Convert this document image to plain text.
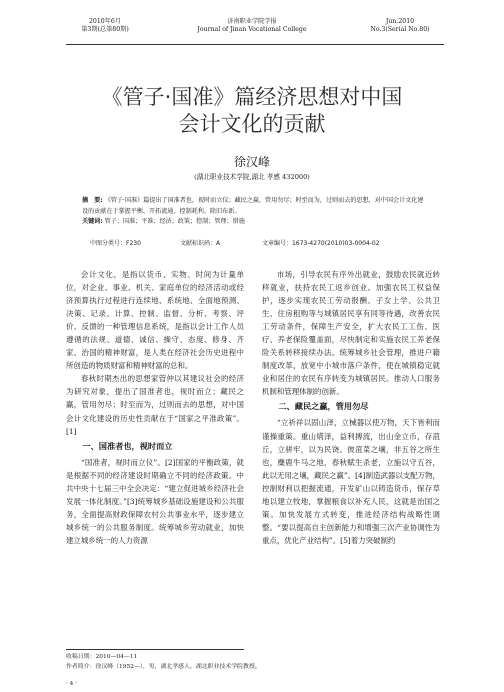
2010年6月
第3期(总第80期)
济南职业学院学报
Journal of Jinan Vocational College
Jun.2010
No.3(Serial No.80)
《管子·国准》篇经济思想对中国
会计文化的贡献
徐汉峰
(湖北职业技术学院,湖北 孝感 432000)
摘　要: 《管子·国准》篇提出了国准者也，视时而立仪；藏民之赢，管用勿尽；时至而为，过则而去的思想，对中国会计文化建设的贡献在于掌握平衡、开拓流通、控制耗利、除旧布新。
关键词: 管子；国准；平准；经济；政策；控制；管理；措施
中图分类号：F230	文献标识码：A	文章编号：1673-4270(2010)03-0004-02

会计文化，是指以货币、实物、时间为计量单位，对企业、事业、机关、家庭单位的经济活动或经济预算执行过程进行连续地、系统地、全面地预测、决策、记录、计算、控制、监督、分析、考察、评价、反馈的一种管理信息系统，是指以会计工作人员遵循的法规、道德、诚信、操守、态度、修身、齐家、治国的精神财富，是人类在经济社会历史进程中所创造的物质财富和精神财富的总和。

春秋时期杰出的思想家管仲以其建议社会的经济为研究对象，提出了国准者也，视时而立；藏民之赢，管用勿尽；时至而为，过则而去的思想，对中国会计文化建设的历史性贡献在于“国家之平准政策”。[1]

一、国准者也，视时而立

“国准者，视时而立仪”。[2]国家的平衡政策，就是根据不同的经济建设时期确立不同的经济政策。中共中央十七届三中全会决定：“建立促进城乡经济社会发展一体化制度。”[3]统筹城乡基础设施建设和公共服务，全面提高财政保障农村公共事业水平，逐步建立城乡统一的公共服务制度。统筹城乡劳动就业，加快建立城乡统一的人力资源

市场，引导农民有序外出就业，鼓励农民就近转移就业，扶持农民工返乡创业。加强农民工权益保护，逐步实现农民工劳动报酬、子女上学、公共卫生、住房租购等与城镇居民享有同等待遇，改善农民工劳动条件，保障生产安全，扩大农民工工伤、医疗、养老保险覆盖面，尽快制定和实施农民工养老保险关系转移接续办法。统筹城乡社会管理，推进户籍制度改革，放宽中小城市落户条件，使在城镇稳定就业和居住的农民有序转变为城镇居民。推动人口服务机制和管理体制的创新。

二、藏民之赢，管用勿尽

“立祈祥以固山泽，立械器以使万物，天下皆利而谨操重策。重山焫泽，益利搏流，出山金立币，存菹丘，立骈牢，以为民饶。彼菹菜之壤，非五谷之所生也，麋鹿牛马之地，春秋赋生杀老，立施以守五谷，此以无用之壤，藏民之赢”。[4]制造武器以支配万物，控制财利以把握流通，开发矿山以铸造货币，保存草地以建立牧地，掌握粮食以补充人民，这就是治国之策。加快发展方式转变，推进经济结构战略性调整。“要以提高自主创新能力和增强三次产业协调性为重点，优化产业结构”。[5]着力突破制约

收稿日期：2010—04—11
作者简介：徐汉峰（1952—），男，湖北孝感人，湖北职业技术学院教授。
· 4 ·
